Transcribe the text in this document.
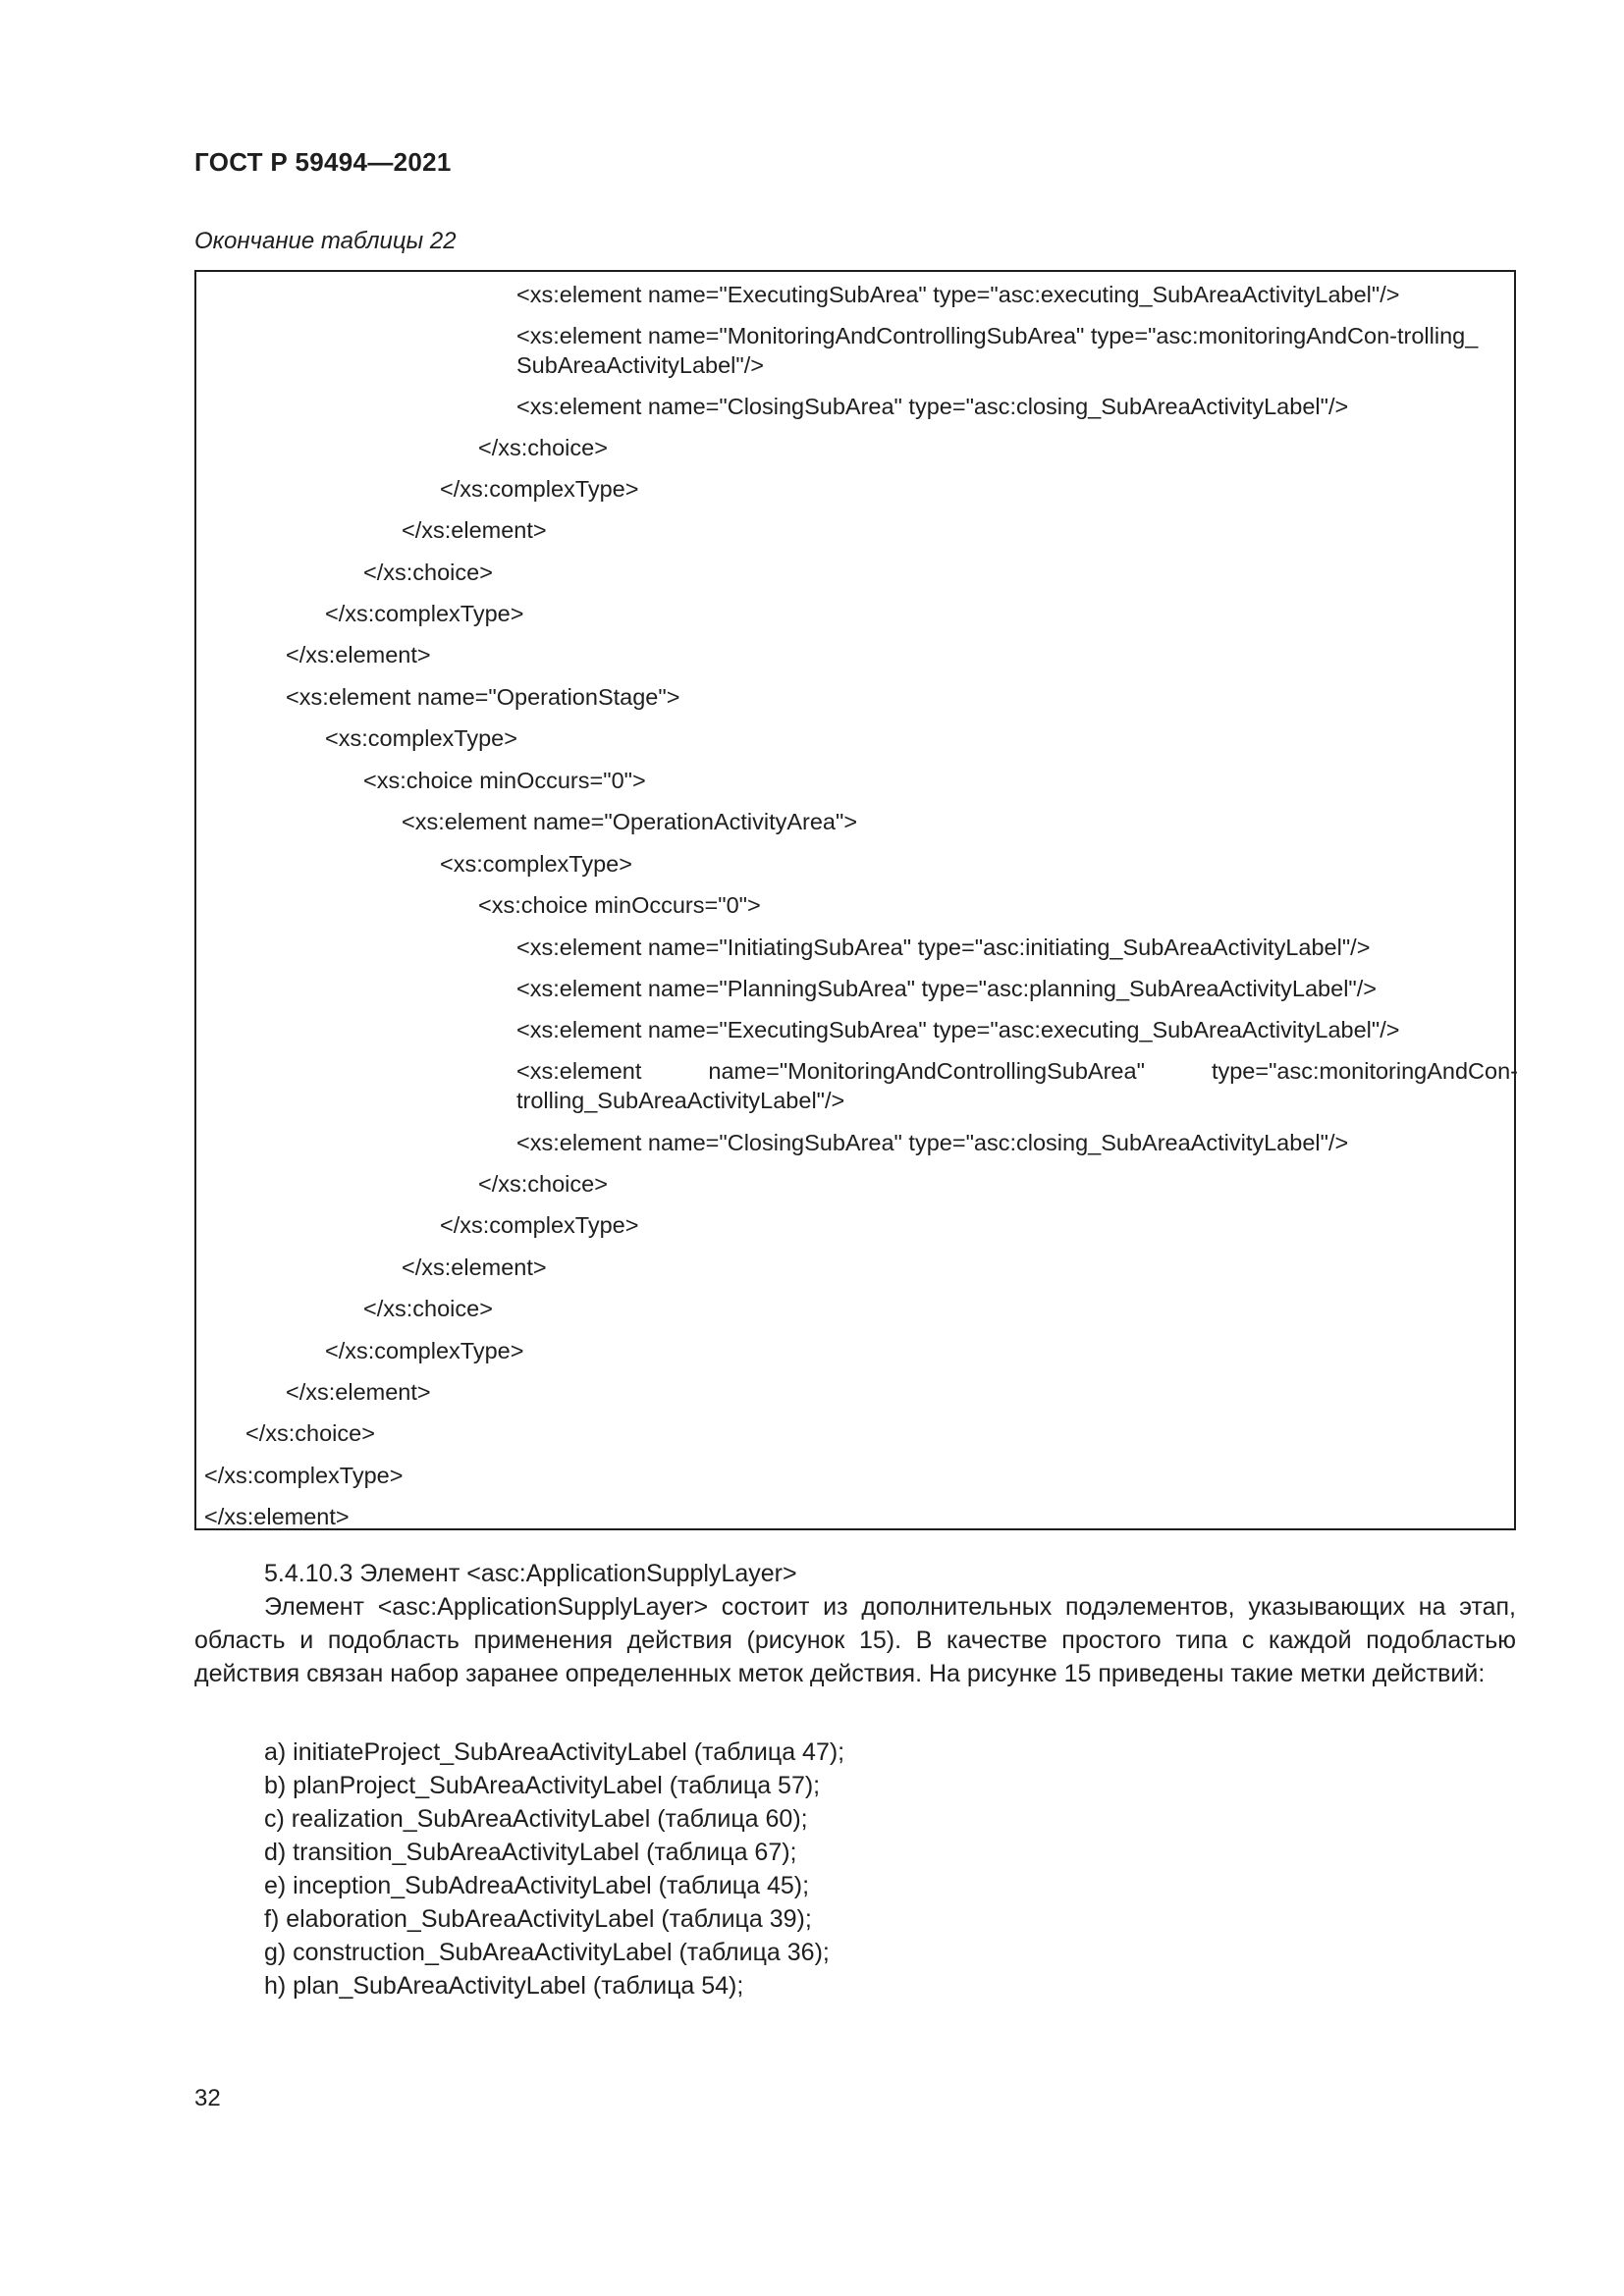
ГОСТ Р 59494—2021
Окончание таблицы 22
<xs:element name="ExecutingSubArea" type="asc:executing_SubAreaActivityLabel"/>
<xs:element name="MonitoringAndControllingSubArea" type="asc:monitoringAndCon-trolling_ SubAreaActivityLabel"/>
<xs:element name="ClosingSubArea" type="asc:closing_SubAreaActivityLabel"/>
</xs:choice>
</xs:complexType>
</xs:element>
</xs:choice>
</xs:complexType>
</xs:element>
<xs:element name="OperationStage">
<xs:complexType>
<xs:choice minOccurs="0">
<xs:element name="OperationActivityArea">
<xs:complexType>
<xs:choice minOccurs="0">
<xs:element name="InitiatingSubArea" type="asc:initiating_SubAreaActivityLabel"/>
<xs:element name="PlanningSubArea" type="asc:planning_SubAreaActivityLabel"/>
<xs:element name="ExecutingSubArea" type="asc:executing_SubAreaActivityLabel"/>
<xs:element	name="MonitoringAndControllingSubArea"	type="asc:monitoringAndCon-
trolling_SubAreaActivityLabel"/>
<xs:element name="ClosingSubArea" type="asc:closing_SubAreaActivityLabel"/>
</xs:choice>
</xs:complexType>
</xs:element>
</xs:choice>
</xs:complexType>
</xs:element>
</xs:choice>
</xs:complexType>
</xs:element>
5.4.10.3 Элемент <asc:ApplicationSupplyLayer>
Элемент <asc:ApplicationSupplyLayer> состоит из дополнительных подэлементов, указывающих на этап, область и подобласть применения действия (рисунок 15). В качестве простого типа с каждой подобластью действия связан набор заранее определенных меток действия. На рисунке 15 приведены такие метки действий:
a) initiateProject_SubAreaActivityLabel (таблица 47);
b) planProject_SubAreaActivityLabel (таблица 57);
c) realization_SubAreaActivityLabel (таблица 60);
d) transition_SubAreaActivityLabel (таблица 67);
e) inception_SubAdreaActivityLabel (таблица 45);
f) elaboration_SubAreaActivityLabel (таблица 39);
g) construction_SubAreaActivityLabel (таблица 36);
h) plan_SubAreaActivityLabel (таблица 54);
32
